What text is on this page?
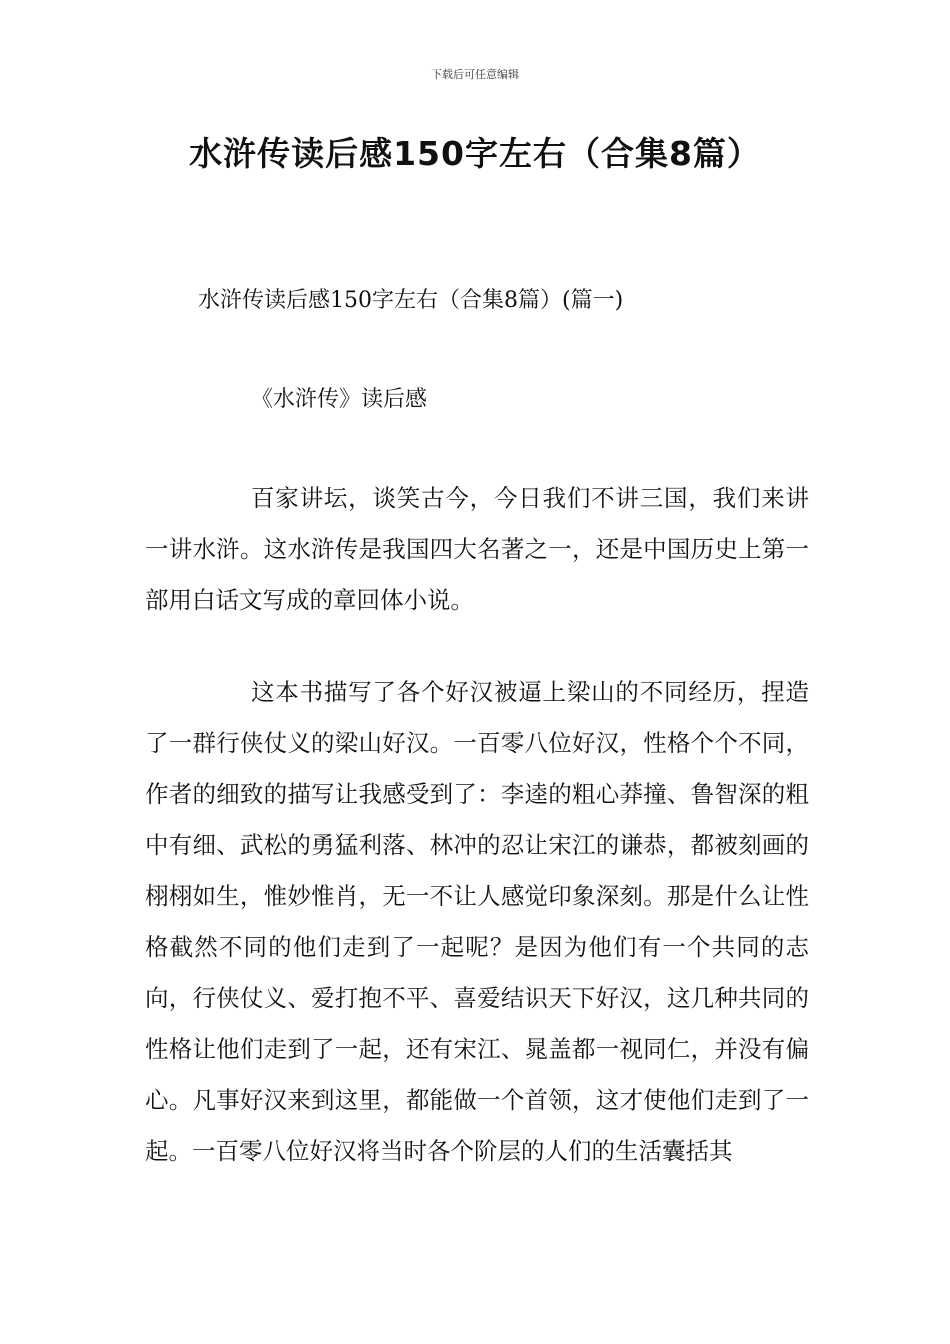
下载后可任意编辑
水浒传读后感150字左右（合集8篇）
水浒传读后感150字左右（合集8篇）(篇一)
《水浒传》读后感

百家讲坛，谈笑古今，今日我们不讲三国，我们来讲一讲水浒。这水浒传是我国四大名著之一，还是中国历史上第一部用白话文写成的章回体小说。

这本书描写了各个好汉被逼上梁山的不同经历，捏造了一群行侠仗义的梁山好汉。一百零八位好汉，性格个个不同，作者的细致的描写让我感受到了：李逵的粗心莽撞、鲁智深的粗中有细、武松的勇猛利落、林冲的忍让宋江的谦恭，都被刻画的栩栩如生，惟妙惟肖，无一不让人感觉印象深刻。那是什么让性格截然不同的他们走到了一起呢？是因为他们有一个共同的志向，行侠仗义、爱打抱不平、喜爱结识天下好汉，这几种共同的性格让他们走到了一起，还有宋江、晁盖都一视同仁，并没有偏心。凡事好汉来到这里，都能做一个首领，这才使他们走到了一起。一百零八位好汉将当时各个阶层的人们的生活囊括其
